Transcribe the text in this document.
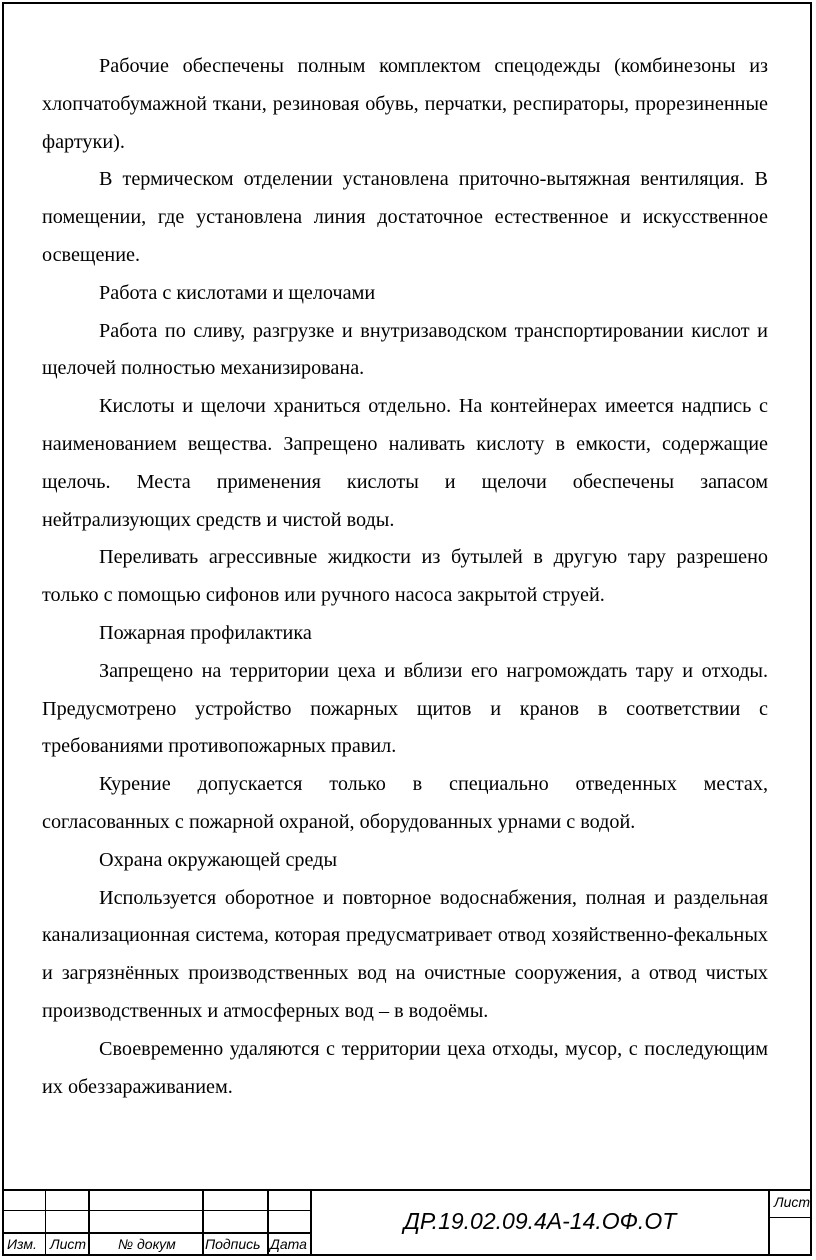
Рабочие обеспечены полным комплектом спецодежды (комбинезоны из хлопчатобумажной ткани, резиновая обувь, перчатки, респираторы, прорезиненные фартуки).

В термическом отделении установлена приточно-вытяжная вентиляция. В помещении, где установлена линия достаточное естественное и искусственное освещение.

Работа с кислотами и щелочами

Работа по сливу, разгрузке и внутризаводском транспортировании кислот и щелочей полностью механизирована.

Кислоты и щелочи храниться отдельно. На контейнерах имеется надпись с наименованием вещества. Запрещено наливать кислоту в емкости, содержащие щелочь. Места применения кислоты и щелочи обеспечены запасом нейтрализующих средств и чистой воды.

Переливать агрессивные жидкости из бутылей в другую тару разрешено только с помощью сифонов или ручного насоса закрытой струей.

Пожарная профилактика

Запрещено на территории цеха и вблизи его нагромождать тару и отходы. Предусмотрено устройство пожарных щитов и кранов в соответствии с требованиями противопожарных правил.

Курение допускается только в специально отведенных местах, согласованных с пожарной охраной, оборудованных урнами с водой.

Охрана окружающей среды

Используется оборотное и повторное водоснабжения, полная и раздельная канализационная система, которая предусматривает отвод хозяйственно-фекальных и загрязнённых производственных вод на очистные сооружения, а отвод чистых производственных и атмосферных вод – в водоёмы.

Своевременно удаляются с территории цеха отходы, мусор, с последующим их обеззараживанием.

Изм. Лист № докум Подпись Дата
ДР.19.02.09.4А-14.ОФ.ОТ
Лист
